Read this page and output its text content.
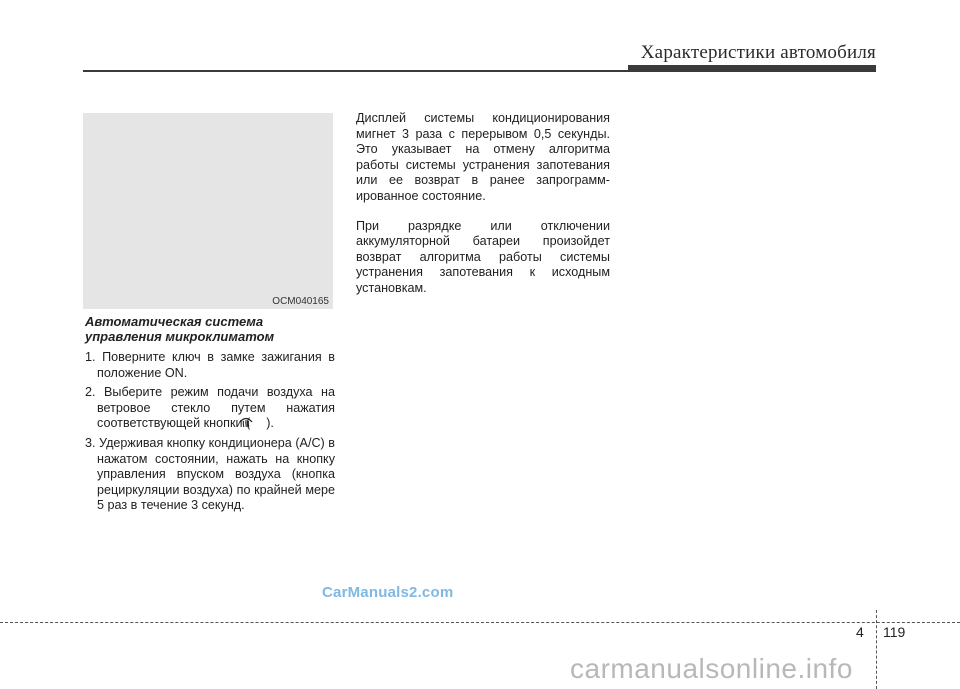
Характеристики автомобиля
OCM040165
Автоматическая система
управления микроклиматом

1. Поверните ключ в замке зажигания в положение ON.

2. Выберите режим подачи воздуха на ветровое стекло путем нажатия соответствующей кнопки ( ).

3. Удерживая кнопку кондиционера (A/C) в нажатом состоянии, нажать на кнопку управления впуском воздуха (кнопка рециркуляции воздуха) по крайней мере 5 раз в течение 3 секунд.

Дисплей системы кондиционирования мигнет 3 раза с перерывом 0,5 секунды. Это указывает на отмену алгоритма работы системы устранения запотевания или ее возврат в ранее запрограмм-ированное состояние.

При разрядке или отключении аккумуляторной батареи произойдет возврат алгоритма работы системы устранения запотевания к исходным установкам.

CarManuals2.com
4 119
carmanualsonline.info
